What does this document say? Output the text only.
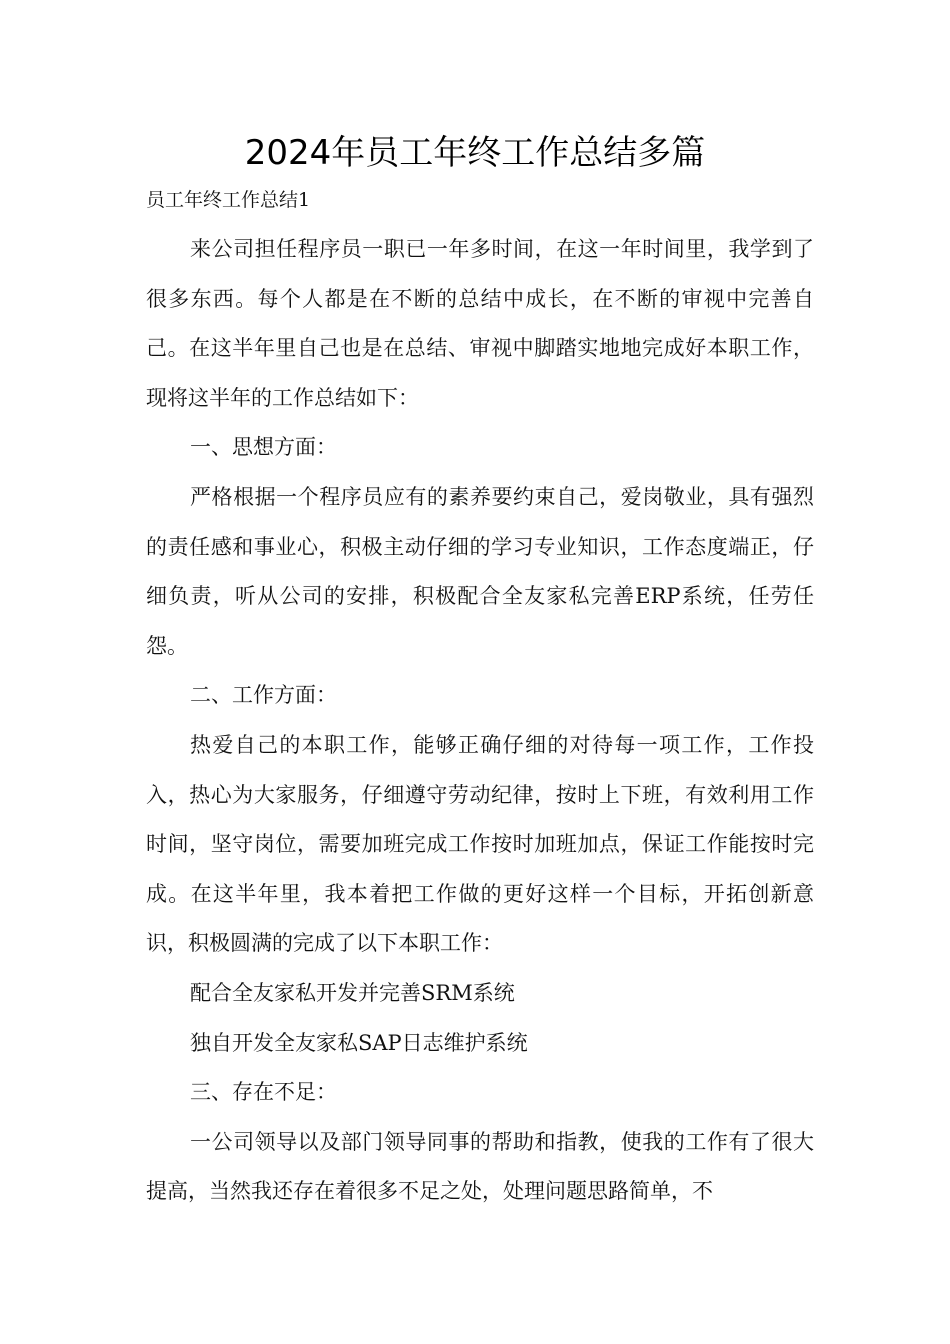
2024年员工年终工作总结多篇
员工年终工作总结1

来公司担任程序员一职已一年多时间，在这一年时间里，我学到了很多东西。每个人都是在不断的总结中成长，在不断的审视中完善自己。在这半年里自己也是在总结、审视中脚踏实地地完成好本职工作，现将这半年的工作总结如下：

一、思想方面：

严格根据一个程序员应有的素养要约束自己，爱岗敬业，具有强烈的责任感和事业心，积极主动仔细的学习专业知识，工作态度端正，仔细负责，听从公司的安排，积极配合全友家私完善ERP系统，任劳任怨。

二、工作方面：

热爱自己的本职工作，能够正确仔细的对待每一项工作，工作投入，热心为大家服务，仔细遵守劳动纪律，按时上下班，有效利用工作时间，坚守岗位，需要加班完成工作按时加班加点，保证工作能按时完成。在这半年里，我本着把工作做的更好这样一个目标，开拓创新意识，积极圆满的完成了以下本职工作：

配合全友家私开发并完善SRM系统

独自开发全友家私SAP日志维护系统

三、存在不足：

一公司领导以及部门领导同事的帮助和指教，使我的工作有了很大提高，当然我还存在着很多不足之处，处理问题思路简单，不
